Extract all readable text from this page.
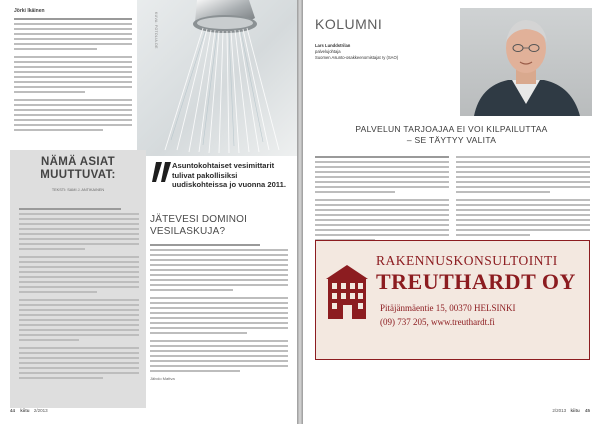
Jörki Ikäinen
KUVA: FOTOLIA.DE
NÄMÄ ASIAT
MUUTTUVAT:
TEKSTI: SAMI J. ANTIKAINEN
Asuntokohtaiset vesimittarit tulivat pakollisiksi uudiskohteissa jo vuonna 2011.
JÄTEVESI DOMINOI
VESILASKUJA?
Jälvdo Mattva
44 kiitu 2/2013
KOLUMNI
Lars Lunddstrilan
palvelujohtaja
Suomen Asunto-osakkeenomistajat ry (SAO)
PALVELUN TARJOAJAA EI VOI KILPAILUTTAA
– SE TÄYTYY VALITA
RAKENNUSKONSULTOINTI
TREUTHARDT OY
Pitäjänmäentie 15, 00370 HELSINKI
(09) 737 205, www.treuthardt.fi
2/2013 kiitu 45
